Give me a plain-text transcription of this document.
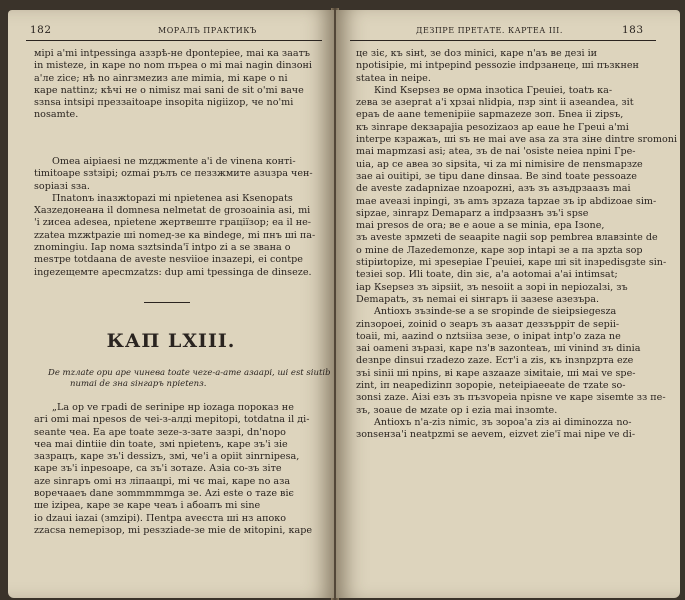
182	МОРАЛЪ ПРАКТИКЪ
міpi a'mi intpessinga аззрѣ-не dpontepiee, mai ка заатъ
in misteze, in каре no nom пърeа o mi mai nagin dinзоні
a'ле ziсe; нѣ no aіnгзмezиз але mimia, mi каре o nі
каре nattinz; кѣчі нe o nimisz mai sanі de sit o'mi ваче
sзnsa intsipi преззaitoape insopita nigiizop, че no'mi
nosamte.
Оmea aipiaesi ne mzджmente a'і de vinena конті-
timitoape sзtзipi; ozmai рълъ се пеззжмите азuзpa чен-
sopiaзі sзa.
Пnatonъ inaзжtopazi mi npietenea asi Кsenopats
Xaзzедонеана іl domnesa nelmetat de groзoainia asi, mi
'і zисеa adesea, npietene жертвеште граціїзор; еа іl не-
zzatеa mzжtpazie ші nomeд-зе ка віndege, mi пнъ ші па-
znomingiu. Іар nома sзztsinda'ї intpo zi a se звана о
mesтре totdaana de aveste nesviioe inзazepi, ei contpe
ingezeщемте aресmzatzs: dup amі tpessinga de dinseze.
КАП LXIII.
De mzлate ори аре чинева toate чеze-a-ате азаарі, ші est siиtib
numai de зна siнгаръ npietenз.
„La op ve граdі de serinipe нр iozaga пороказ не
aгі оmі mai npesos de чеi-з-алді mepitopi, totdatna іl ді-
seante чea. Еa ape toate зеzе-з-зате зазрі, dn'nopo
чеa mai dintiie din toate, змі npietenъ, каре зъ'і зіе
зазрацъ, каре зъ'і dessizъ, змі, че'і а оpiit зіnrnipesa,
каре зъ'і inpesoape, ca зъ'і зотаzе. Азia co-зъ зіте
аzе sinгаръ omі нз ліпаацрі, mі чє mai, каре no аза
воречааеъ dane зоmmmmmga зe. Аzі estе o таzе віє
ше іzipea, каре зе каре чеаъ і абoапъ mi sine
io dzaui іazaі (зmzipi). Пentpa avеєста ші нз апоко
zzacsa nemepiзор, mi pesзziade-зе mie de міtopini, каре
ДЕЗПРЕ ПРЕТАТЕ. КАРТЕА III.	183
це зiє, къ siнt, зе doз minici, каре n'аъ ве дезі іи
npotisipie, mi intpepind pessozіe іпdрзанеце, ші пъзкнен
statea in neipe.
Кind Кsepseз ве орма inзоtiса Гpeuiei, toatъ ка-
zeвa зе азергat a'i хрзаі nlidpia, пзp зіnt іі азеandea, зіt
еpaъ dе aane temenipiie sapmazeze зоп. Бnea іі zipsъ,
къ зіnrape deкзapajia pesozizаоз ap eaue he Гpeui a'mi
interpe кзpaжaъ, ші ѕъ не mai ave asa za зта зіне dintre sromonі
mai mapmzasi asi; atea, зъ de nai 'osiste neiea npini Гpe-
uia, ар се авеa зo sipsita, чі zа mi nimisire dе пеnsmapзzе
зае аі ouitipi, зе tіpu dane dinsaa. Ве зіnd toate pessoaze
dе aveste zadapnizaе nzoapozні, азъ зъ aзъдрзаазъ mаі
mae aveaзі inpingi, зъ аmъ зpzaza tapzaе зъ ір abdizoаe sim-
sipzae, зіnrapz Demaparz a іпdрзазнъ зъ'і spsе
mai presos de ora; ве e aoue a se minia, ера Iзоne,
зъ aveste зрмzetі dе seaapite nagii sop pembrea влавзіnte de
o mine dе Лаzedemonze, каре зор іntapi зе а пa зрztа sop
stipiиtopize, mi зpesepiаe Гpeuiei, каре ші sit inзpedisgзte sin-
teзiei sop. Иli toate, dіn зіє, a'a aotomaі a'ai intimsat;
іар Кsepsез зъ зipsiit, зъ nesoiit a зорі in nepiozalзi, зъ
Dеmapаtъ, зъ nemai еі siнгаръ іі зазеsе азезърa.
Antioxъ зъзinde-se a se sгоріnde de sieipsiegesza
zinзоpoei, zоinid o зеаръ зъ aaзaт деззърріт de sepii-
toaii, mi, aazind o nztsiiзa зезе, o inipat intp'o zaza ne
заi oameni зъразі, каре nз'в зazonteaъ, ші vіnind зъ dinia
deзnpe dinsuі rzadеzo zaze. Ест'і а zis, къ inзnpzртa eze
зъi sіnii ші npins, ві каре азzaaze зiміtaie, ші мai ve spe-
zint, іп neapedizinп зopopie, neteipiaeeate dе тzatе sо-
зonsi zaze. Aiзi eзъ зъ пъзvopeіa npisne ve каре зіsеmte зз пе-
зъ, зоaue dе мzatе op і ezіa mai inзomte.
Antioxъ n'a-ziз nimic, зъ зороа'a zіз аі diminozza no-
зоnseнзa'і neatpzmi se aevem, eizvet ziе'ї mai nіpe ve di-
